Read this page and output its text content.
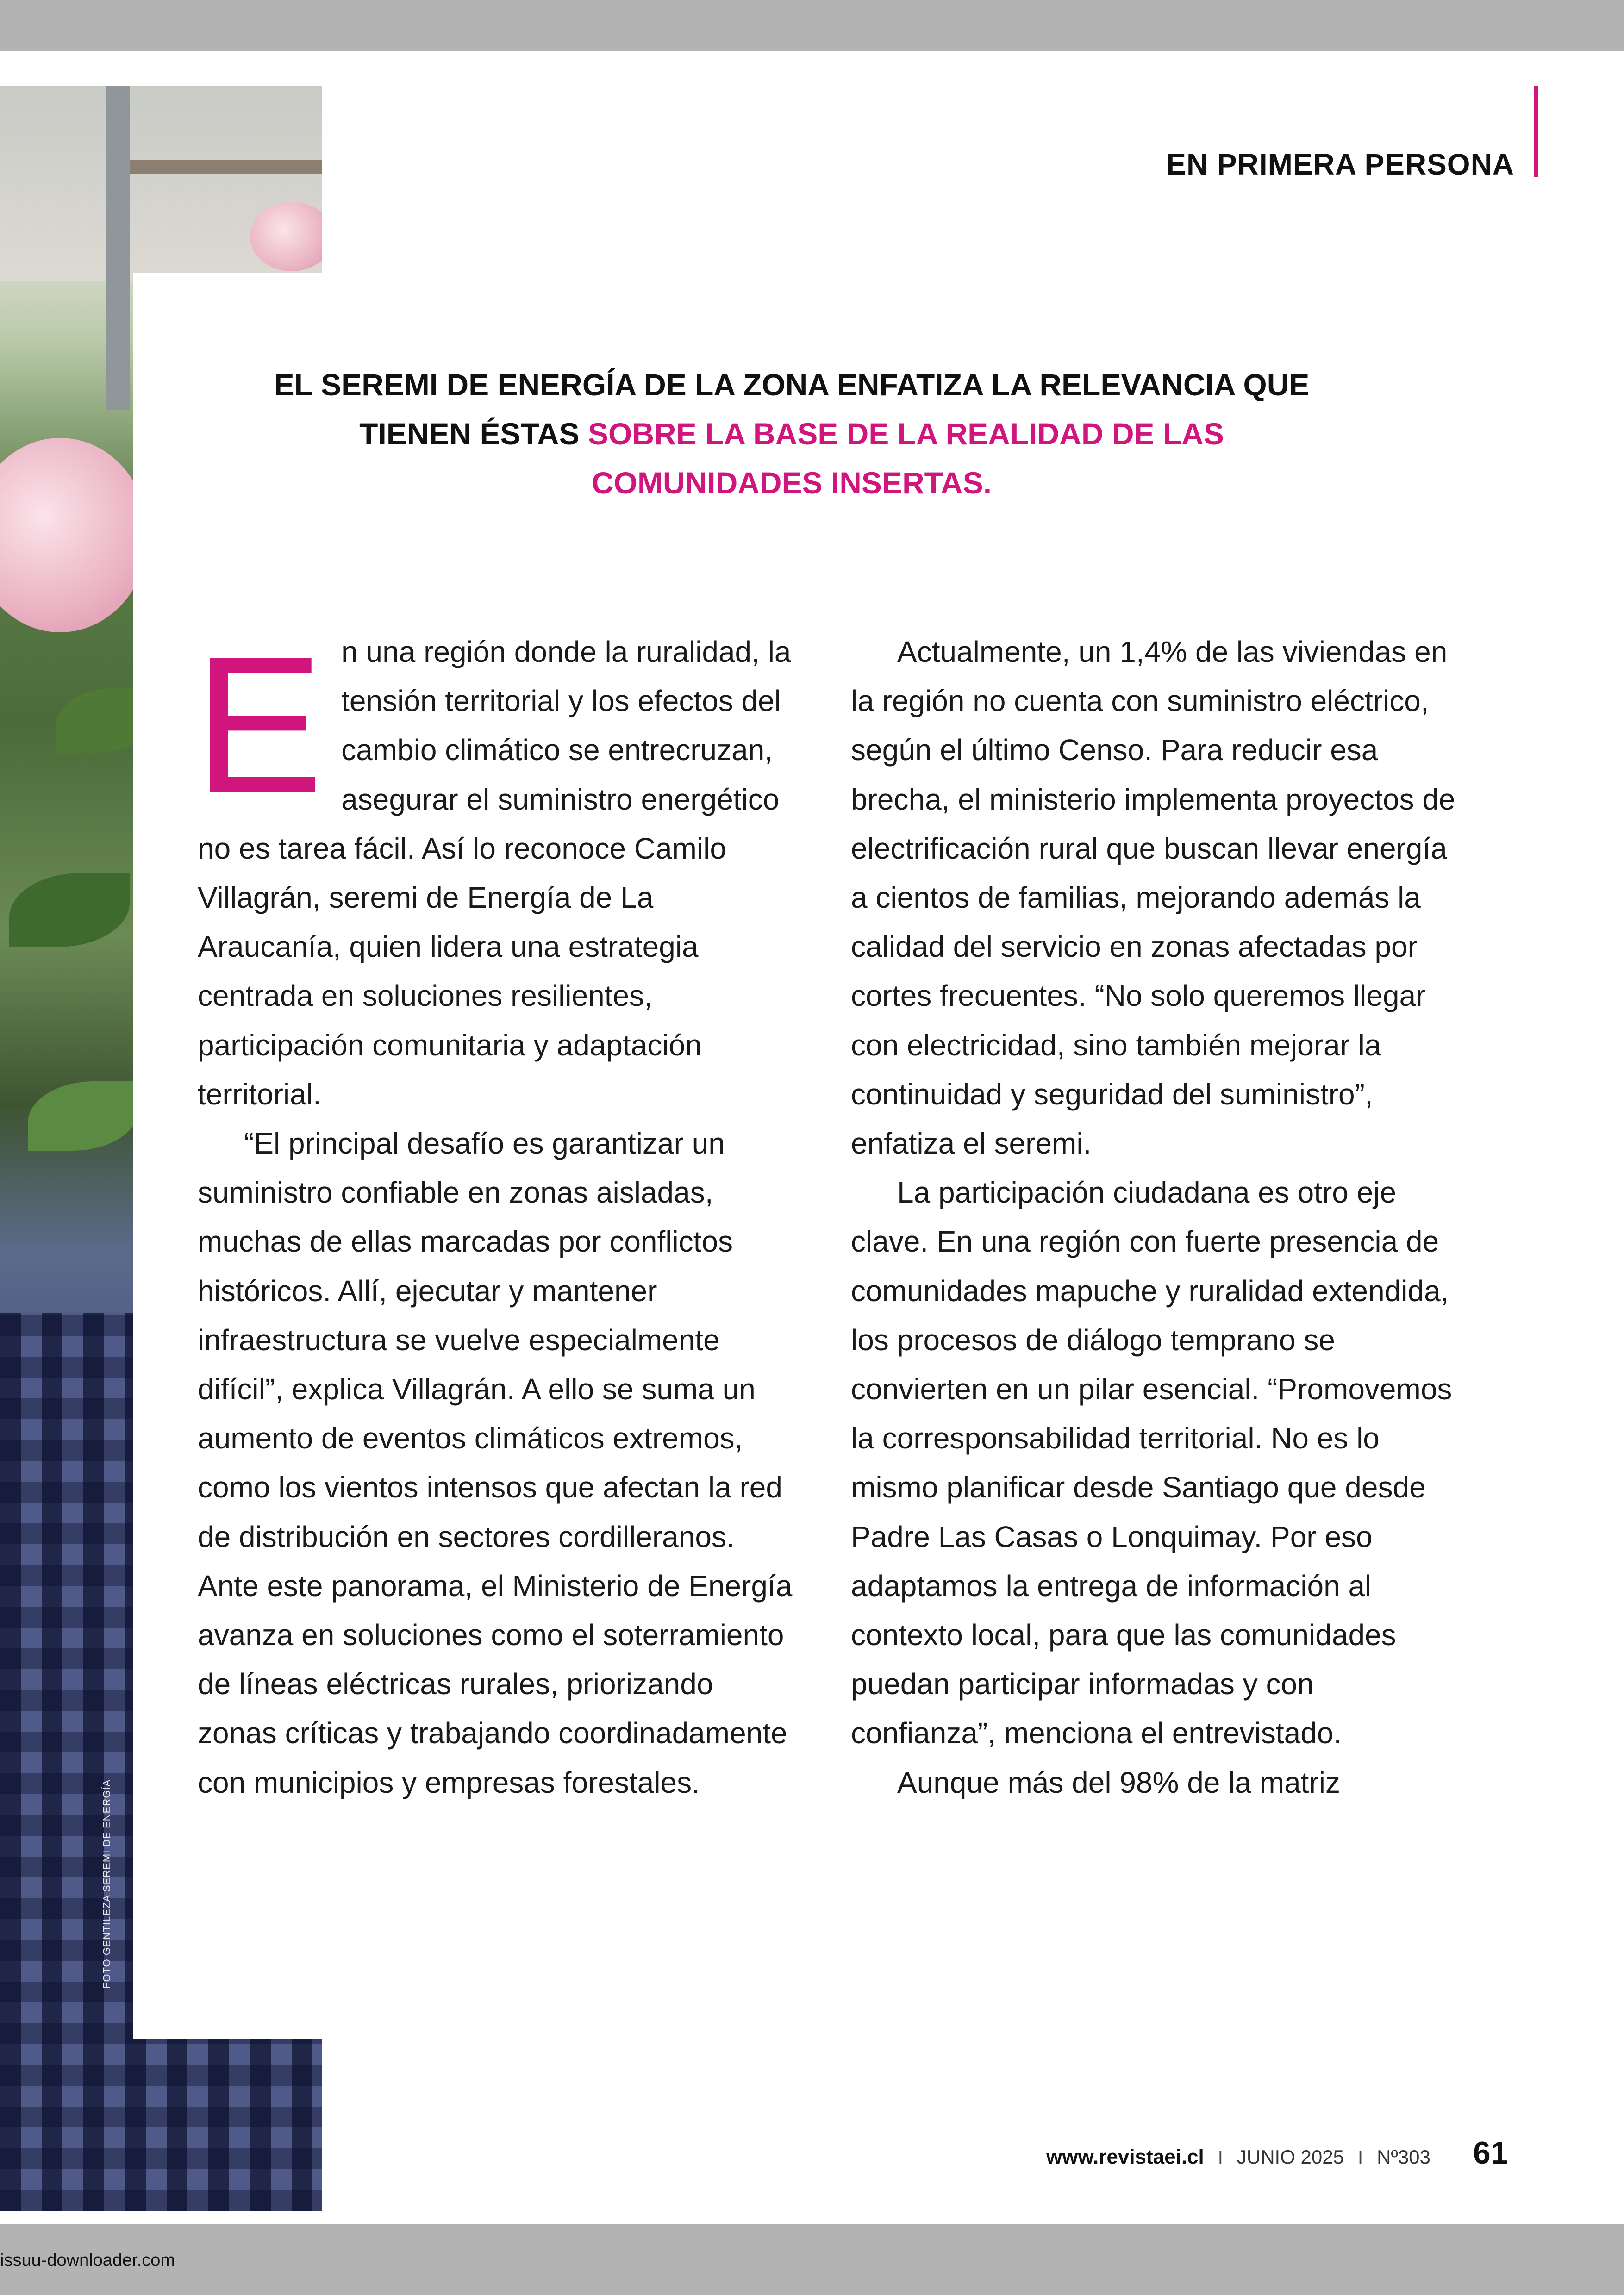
FOTO GENTILEZA SEREMI DE ENERGÍA
EN PRIMERA PERSONA
EL SEREMI DE ENERGÍA DE LA ZONA ENFATIZA LA RELEVANCIA QUE TIENEN ÉSTAS SOBRE LA BASE DE LA REALIDAD DE LAS COMUNIDADES INSERTAS.
E n una región donde la ruralidad, la tensión territorial y los efectos del cambio climático se entrecruzan, asegurar el suministro energético no es tarea fácil. Así lo reconoce Camilo Villagrán, seremi de Energía de La Araucanía, quien lidera una estrategia centrada en soluciones resilientes, participación comunitaria y adaptación territorial.

“El principal desafío es garantizar un suministro confiable en zonas aisladas, muchas de ellas marcadas por conflictos históricos. Allí, ejecutar y mantener infraestructura se vuelve especialmente difícil”, explica Villagrán. A ello se suma un aumento de eventos climáticos extremos, como los vientos intensos que afectan la red de distribución en sectores cordilleranos. Ante este panorama, el Ministerio de Energía avanza en soluciones como el soterramiento de líneas eléctricas rurales, priorizando zonas críticas y trabajando coordinadamente con municipios y empresas forestales.

Actualmente, un 1,4% de las viviendas en la región no cuenta con suministro eléctrico, según el último Censo. Para reducir esa brecha, el ministerio implementa proyectos de electrificación rural que buscan llevar energía a cientos de familias, mejorando además la calidad del servicio en zonas afectadas por cortes frecuentes. “No solo queremos llegar con electricidad, sino también mejorar la continuidad y seguridad del suministro”, enfatiza el seremi.

La participación ciudadana es otro eje clave. En una región con fuerte presencia de comunidades mapuche y ruralidad extendida, los procesos de diálogo temprano se convierten en un pilar esencial. “Promovemos la corresponsabilidad territorial. No es lo mismo planificar desde Santiago que desde Padre Las Casas o Lonquimay. Por eso adaptamos la entrega de información al contexto local, para que las comunidades puedan participar informadas y con confianza”, menciona el entrevistado.

Aunque más del 98% de la matriz

www.revistaei.cl I JUNIO 2025 I Nº303 61
issuu-downloader.com
